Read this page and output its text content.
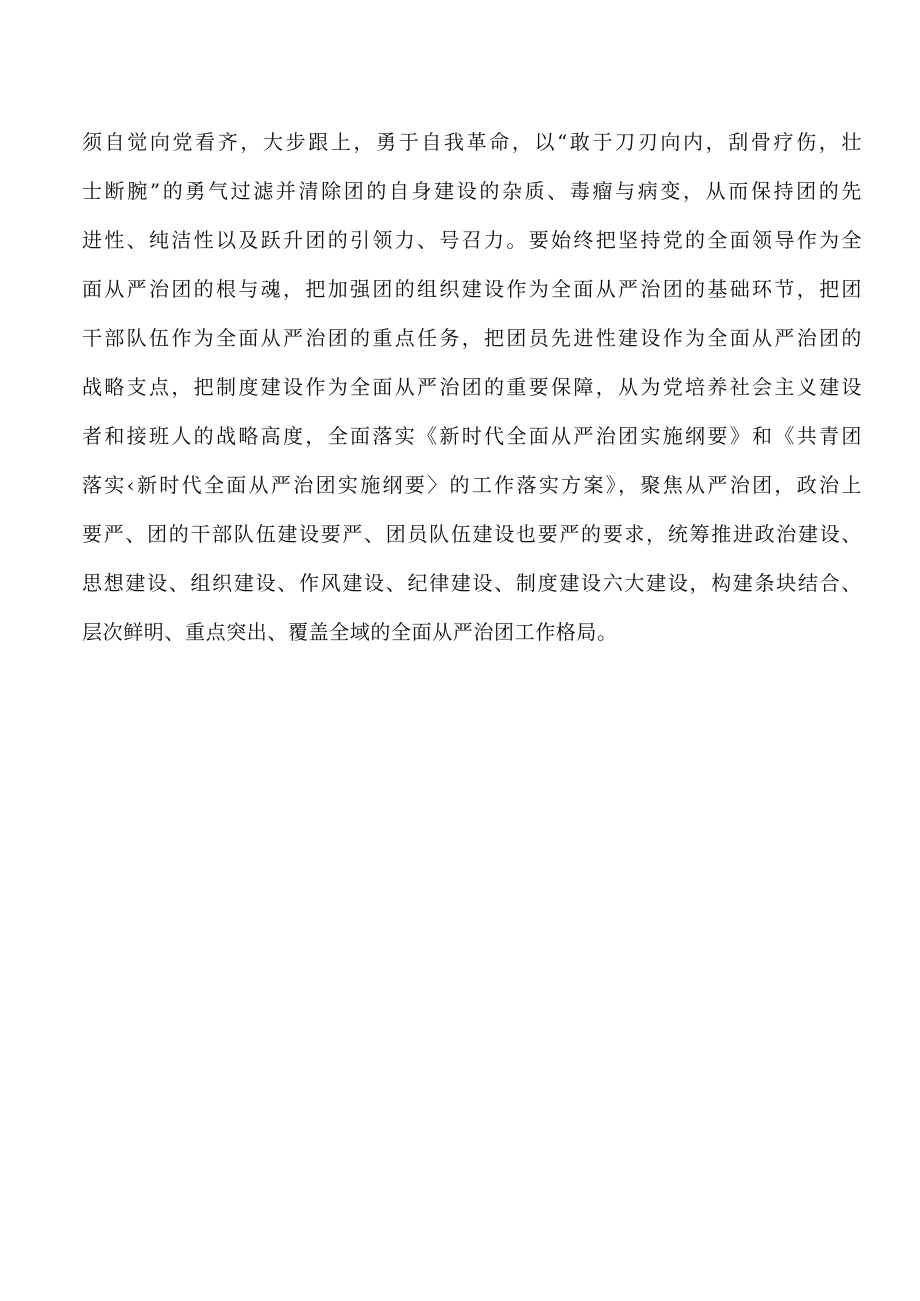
须自觉向党看齐，大步跟上，勇于自我革命，以“敢于刀刃向内，刮骨疗伤，壮
士断腕”的勇气过滤并清除团的自身建设的杂质、毒瘤与病变，从而保持团的先
进性、纯洁性以及跃升团的引领力、号召力。要始终把坚持党的全面领导作为全
面从严治团的根与魂，把加强团的组织建设作为全面从严治团的基础环节，把团
干部队伍作为全面从严治团的重点任务，把团员先进性建设作为全面从严治团的
战略支点，把制度建设作为全面从严治团的重要保障，从为党培养社会主义建设
者和接班人的战略高度，全面落实《新时代全面从严治团实施纲要》和《共青团
落实‹新时代全面从严治团实施纲要〉的工作落实方案》，聚焦从严治团，政治上
要严、团的干部队伍建设要严、团员队伍建设也要严的要求，统筹推进政治建设、
思想建设、组织建设、作风建设、纪律建设、制度建设六大建设，构建条块结合、
层次鲜明、重点突出、覆盖全域的全面从严治团工作格局。
